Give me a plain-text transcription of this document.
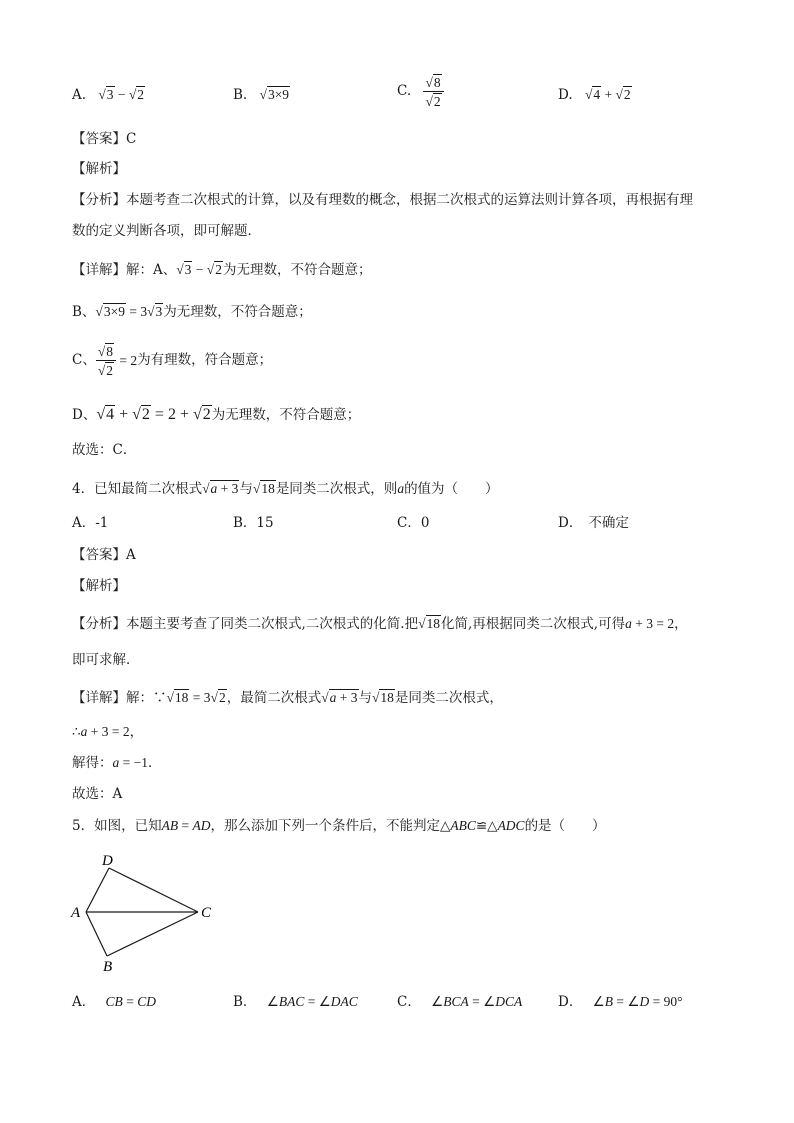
A. √3 − √2	B. √3×9	C. $\frac{√8}{√2}$	D. √4 + √2
【答案】C
【解析】
【分析】本题考查二次根式的计算，以及有理数的概念，根据二次根式的运算法则计算各项，再根据有理
数的定义判断各项，即可解题．
【详解】解：A、√3 − √2为无理数，不符合题意；
B、√3×9 = 3√3为无理数，不符合题意；
C、 $\frac{√8}{√2} = 2$为有理数，符合题意；
D、√4 + √2 = 2 + √2为无理数，不符合题意；
故选：C．
4．已知最简二次根式√a + 3与√18是同类二次根式，则a的值为（　　）
A．-1	B．15	C．0	D． 不确定
【答案】A
【解析】
【分析】本题主要考查了同类二次根式,二次根式的化简.把√18化简,再根据同类二次根式,可得a + 3 = 2，
即可求解．
【详解】解：∵√18 = 3√2，最简二次根式√a + 3与√18是同类二次根式，
∴a + 3 = 2，
解得：a = −1．
故选：A
5．如图，已知AB = AD，那么添加下列一个条件后，不能判定△ABC≌△ADC的是（　　）
D
A	C
B
A． CB = CD	B． ∠BAC = ∠DAC	C． ∠BCA = ∠DCA	D． ∠B = ∠D = 90°
